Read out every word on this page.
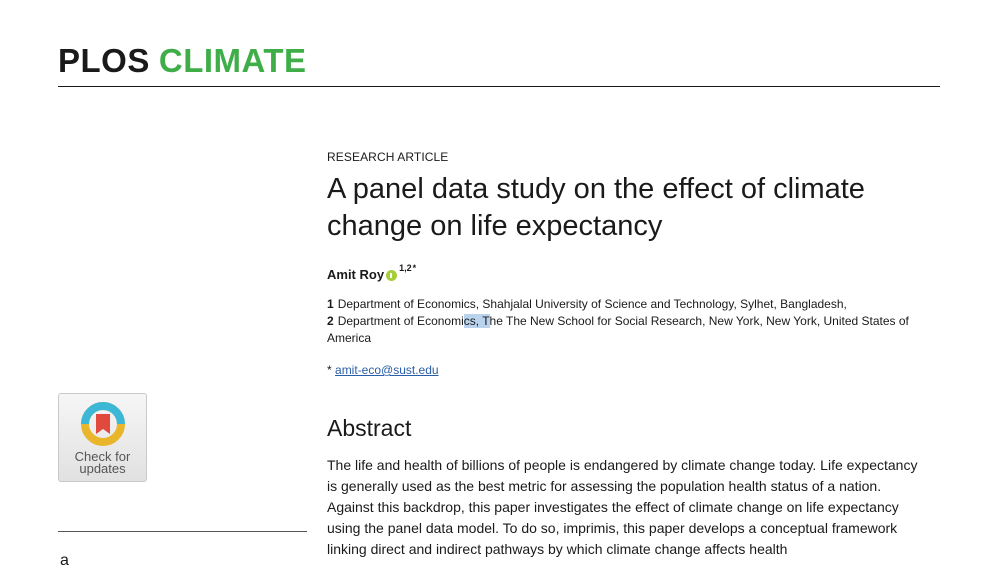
PLOS CLIMATE
Check for updates
a
RESEARCH ARTICLE
A panel data study on the effect of climate change on life expectancy
Amit Roy 1,2 *
1 Department of Economics, Shahjalal University of Science and Technology, Sylhet, Bangladesh,
2 Department of Economics, The The New School for Social Research, New York, New York, United States of America
* amit-eco@sust.edu
Abstract
The life and health of billions of people is endangered by climate change today. Life expectancy is generally used as the best metric for assessing the population health status of a nation. Against this backdrop, this paper investigates the effect of climate change on life expectancy using the panel data model. To do so, imprimis, this paper develops a conceptual framework linking direct and indirect pathways by which climate change affects health
